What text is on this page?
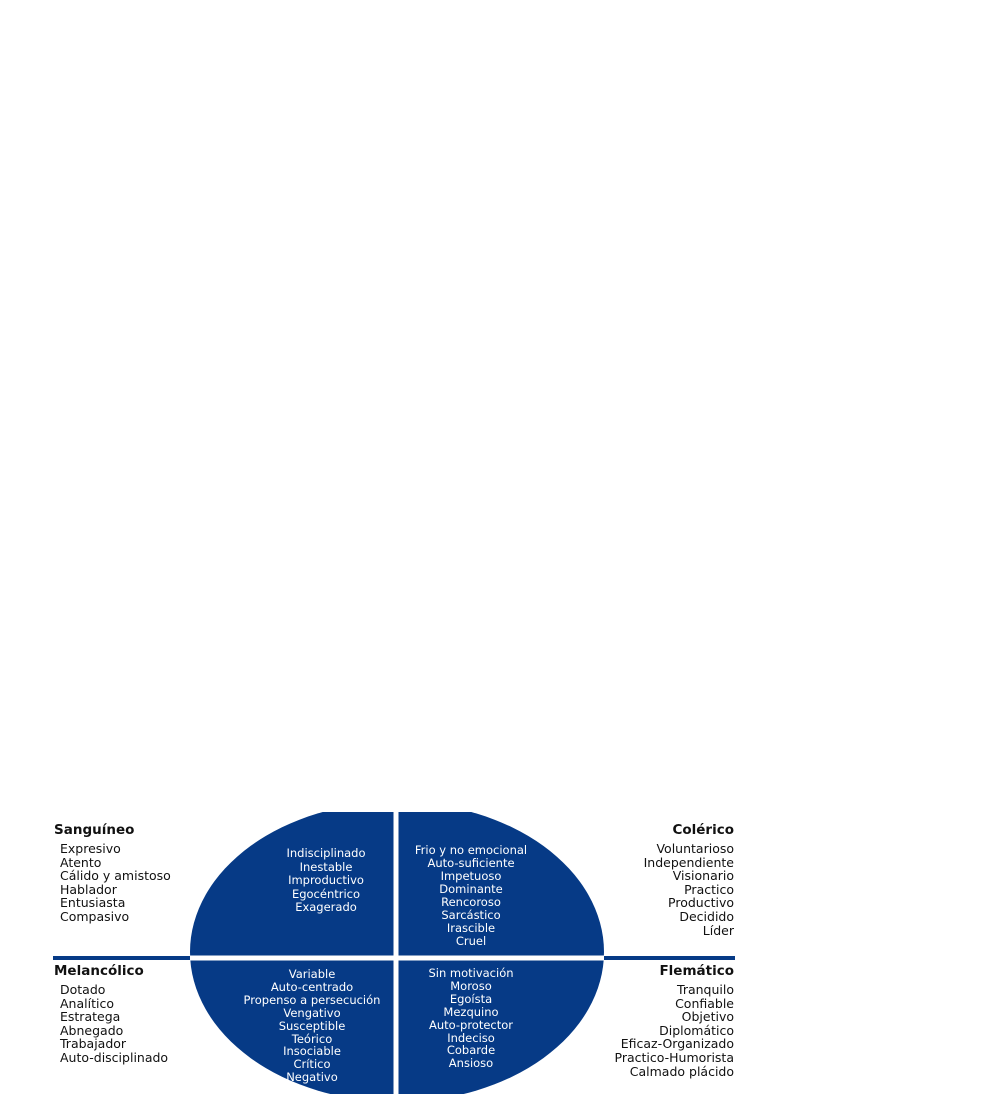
Sanguíneo
Expresivo
Atento
Cálido y amistoso
Hablador
Entusiasta
Compasivo
Colérico
Voluntarioso
Independiente
Visionario
Practico
Productivo
Decidido
Líder
Melancólico
Dotado
Analítico
Estratega
Abnegado
Trabajador
Auto-disciplinado
Flemático
Tranquilo
Confiable
Objetivo
Diplomático
Eficaz-Organizado
Practico-Humorista
Calmado plácido
Indisciplinado
Inestable
Improductivo
Egocéntrico
Exagerado
Frio y no emocional
Auto-suficiente
Impetuoso
Dominante
Rencoroso
Sarcástico
Irascible
Cruel
Variable
Auto-centrado
Propenso a persecución
Vengativo
Susceptible
Teórico
Insociable
Crítico
Negativo
Sin motivación
Moroso
Egoísta
Mezquino
Auto-protector
Indeciso
Cobarde
Ansioso
